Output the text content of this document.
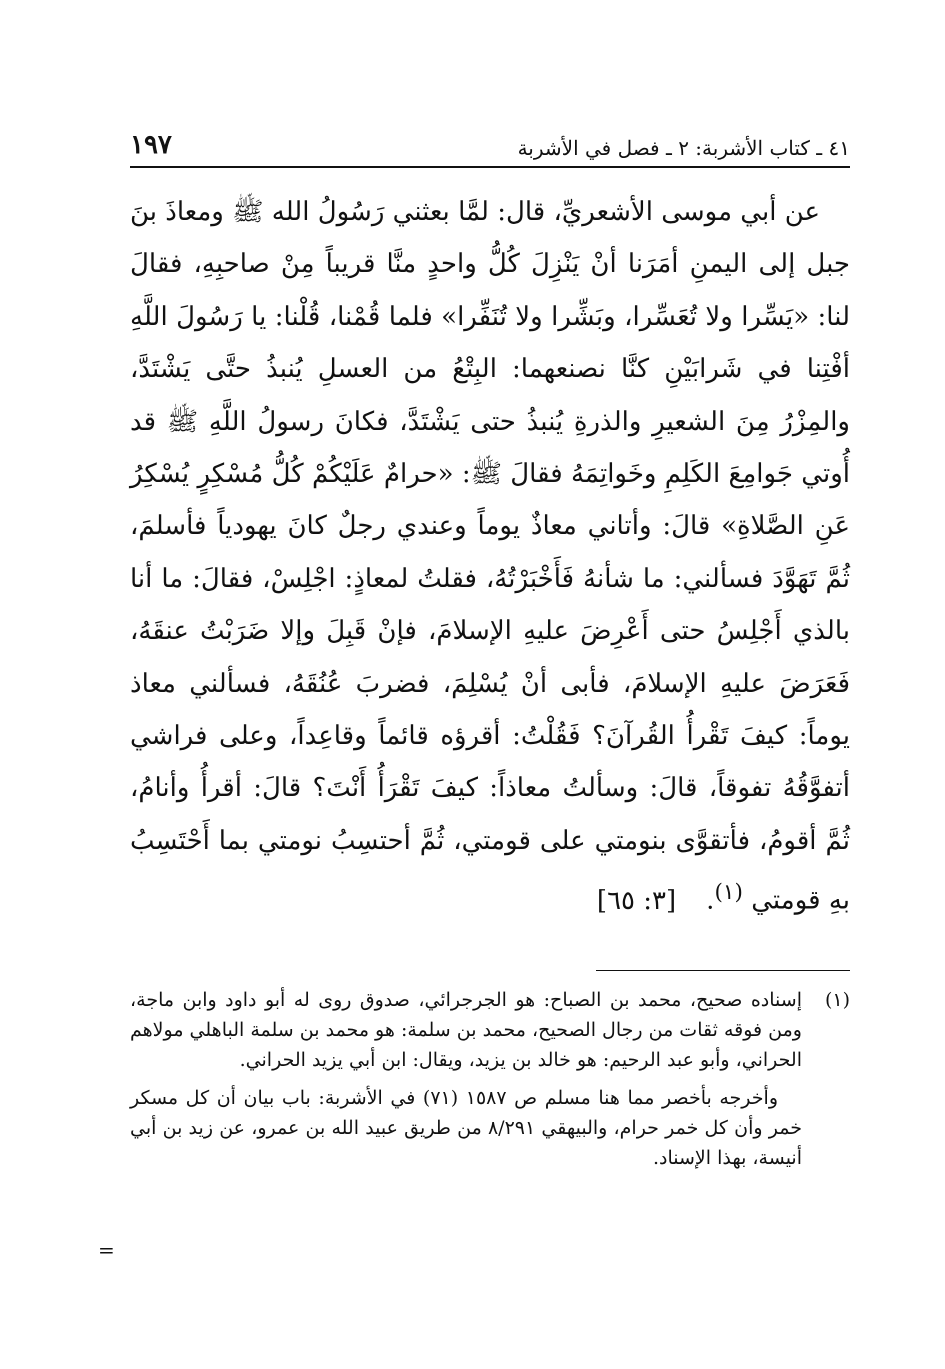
٤١ ـ كتاب الأشربة: ٢ ـ فصل في الأشربة
١٩٧
عن أبي موسى الأشعريِّ، قال: لمَّا بعثني رَسُولُ الله ﷺ ومعاذَ بنَ جبل إلى اليمنِ أمَرَنا أنْ يَنْزِلَ كُلُّ واحدٍ منَّا قريباً مِنْ صاحبِهِ، فقالَ لنا: «يَسِّرا ولا تُعَسِّرا، وبَشِّرا ولا تُنَفِّرا» فلما قُمْنا، قُلْنا: يا رَسُولَ اللَّهِ أفْتِنا في شَرابَيْنِ كنَّا نصنعهما: البِتْعُ من العسلِ يُنبذُ حتَّى يَشْتَدَّ، والمِزْرُ مِنَ الشعيرِ والذرةِ يُنبذُ حتى يَشْتَدَّ، فكانَ رسولُ اللَّهِ ﷺ قد أُوتي جَوامِعَ الكَلِمِ وخَواتِمَهُ فقالَ ﷺ: «حرامٌ عَلَيْكُمْ كُلُّ مُسْكِرٍ يُسْكِرُ عَنِ الصَّلاةِ» قالَ: وأتاني معاذٌ يوماً وعندي رجلٌ كانَ يهودياً فأسلمَ، ثُمَّ تَهَوَّدَ فسألني: ما شأنهُ فَأَخْبَرْتُهُ، فقلتُ لمعاذٍ: اجْلِسْ، فقالَ: ما أنا بالذي أَجْلِسُ حتى أَعْرِضَ عليهِ الإسلامَ، فإنْ قَبِلَ وإلا ضَرَبْتُ عنقَهُ، فَعَرَضَ عليهِ الإسلامَ، فأبى أنْ يُسْلِمَ، فضربَ عُنُقَهُ، فسألني معاذ يوماً: كيفَ تَقْرأُ القُرآنَ؟ فَقُلْتُ: أقرؤه قائماً وقاعِداً، وعلى فراشي أتفوَّقُهُ تفوقاً، قالَ: وسألتُ معاذاً: كيفَ تَقْرَأُ أَنْتَ؟ قالَ: أقرأُ وأنامُ، ثُمَّ أقومُ، فأتقوَّى بنومتي على قومتي، ثُمَّ أحتسِبُ نومتي بما أَحْتَسِبُ بهِ قومتي $^{(١)}$.[٣: ٦٥]
(١)
إسناده صحيح، محمد بن الصباح: هو الجرجرائي، صدوق روى له أبو داود وابن ماجة، ومن فوقه ثقات من رجال الصحيح، محمد بن سلمة: هو محمد بن سلمة الباهلي مولاهم الحراني، وأبو عبد الرحيم: هو خالد بن يزيد، ويقال: ابن أبي يزيد الحراني.
وأخرجه بأخصر مما هنا مسلم ص ١٥٨٧ (٧١) في الأشربة: باب بيان أن كل مسكر خمر وأن كل خمر حرام، والبيهقي ٨/٢٩١ من طريق عبيد الله بن عمرو، عن زيد بن أبي أنيسة، بهذا الإسناد.
=
